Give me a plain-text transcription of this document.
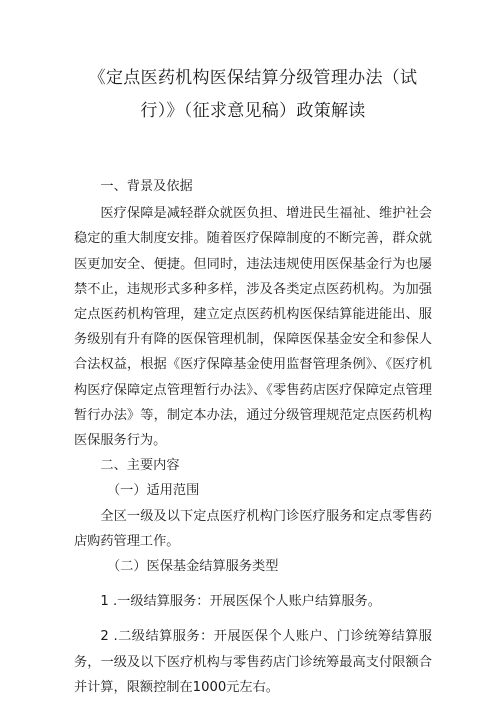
《定点医药机构医保结算分级管理办法（试
行）》（征求意见稿）政策解读

一、背景及依据

医疗保障是减轻群众就医负担、增进民生福祉、维护社会稳定的重大制度安排。随着医疗保障制度的不断完善，群众就医更加安全、便捷。但同时，违法违规使用医保基金行为也屡禁不止，违规形式多种多样，涉及各类定点医药机构。为加强定点医药机构管理，建立定点医药机构医保结算能进能出、服务级别有升有降的医保管理机制，保障医保基金安全和参保人合法权益，根据《医疗保障基金使用监督管理条例》、《医疗机构医疗保障定点管理暂行办法》、《零售药店医疗保障定点管理暂行办法》等，制定本办法，通过分级管理规范定点医药机构医保服务行为。

二、主要内容

（一）适用范围

全区一级及以下定点医疗机构门诊医疗服务和定点零售药店购药管理工作。

（二）医保基金结算服务类型

1 .一级结算服务：开展医保个人账户结算服务。

2 .二级结算服务：开展医保个人账户、门诊统筹结算服务，一级及以下医疗机构与零售药店门诊统筹最高支付限额合并计算，限额控制在1000元左右。
